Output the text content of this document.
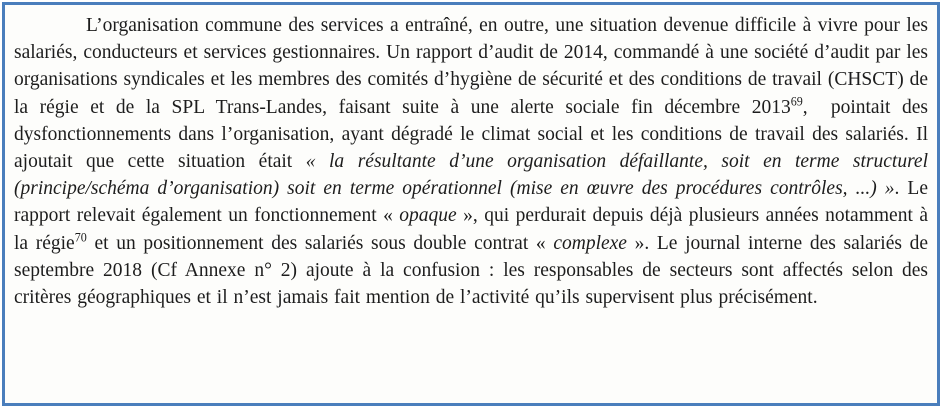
L’organisation commune des services a entraîné, en outre, une situation devenue difficile à vivre pour les salariés, conducteurs et services gestionnaires. Un rapport d’audit de 2014, commandé à une société d’audit par les organisations syndicales et les membres des comités d’hygiène de sécurité et des conditions de travail (CHSCT) de la régie et de la SPL Trans-Landes, faisant suite à une alerte sociale fin décembre 2013$^{69}$,  pointait des dysfonctionnements dans l’organisation, ayant dégradé le climat social et les conditions de travail des salariés. Il ajoutait que cette situation était « la résultante d’une organisation défaillante, soit en terme structurel (principe/schéma d’organisation) soit en terme opérationnel (mise en œuvre des procédures contrôles, ...) ». Le rapport relevait également un fonctionnement « opaque », qui perdurait depuis déjà plusieurs années notamment à la régie$^{70}$ et un positionnement des salariés sous double contrat « complexe ». Le journal interne des salariés de septembre 2018 (Cf Annexe n° 2) ajoute à la confusion : les responsables de secteurs sont affectés selon des critères géographiques et il n’est jamais fait mention de l’activité qu’ils supervisent plus précisément.
